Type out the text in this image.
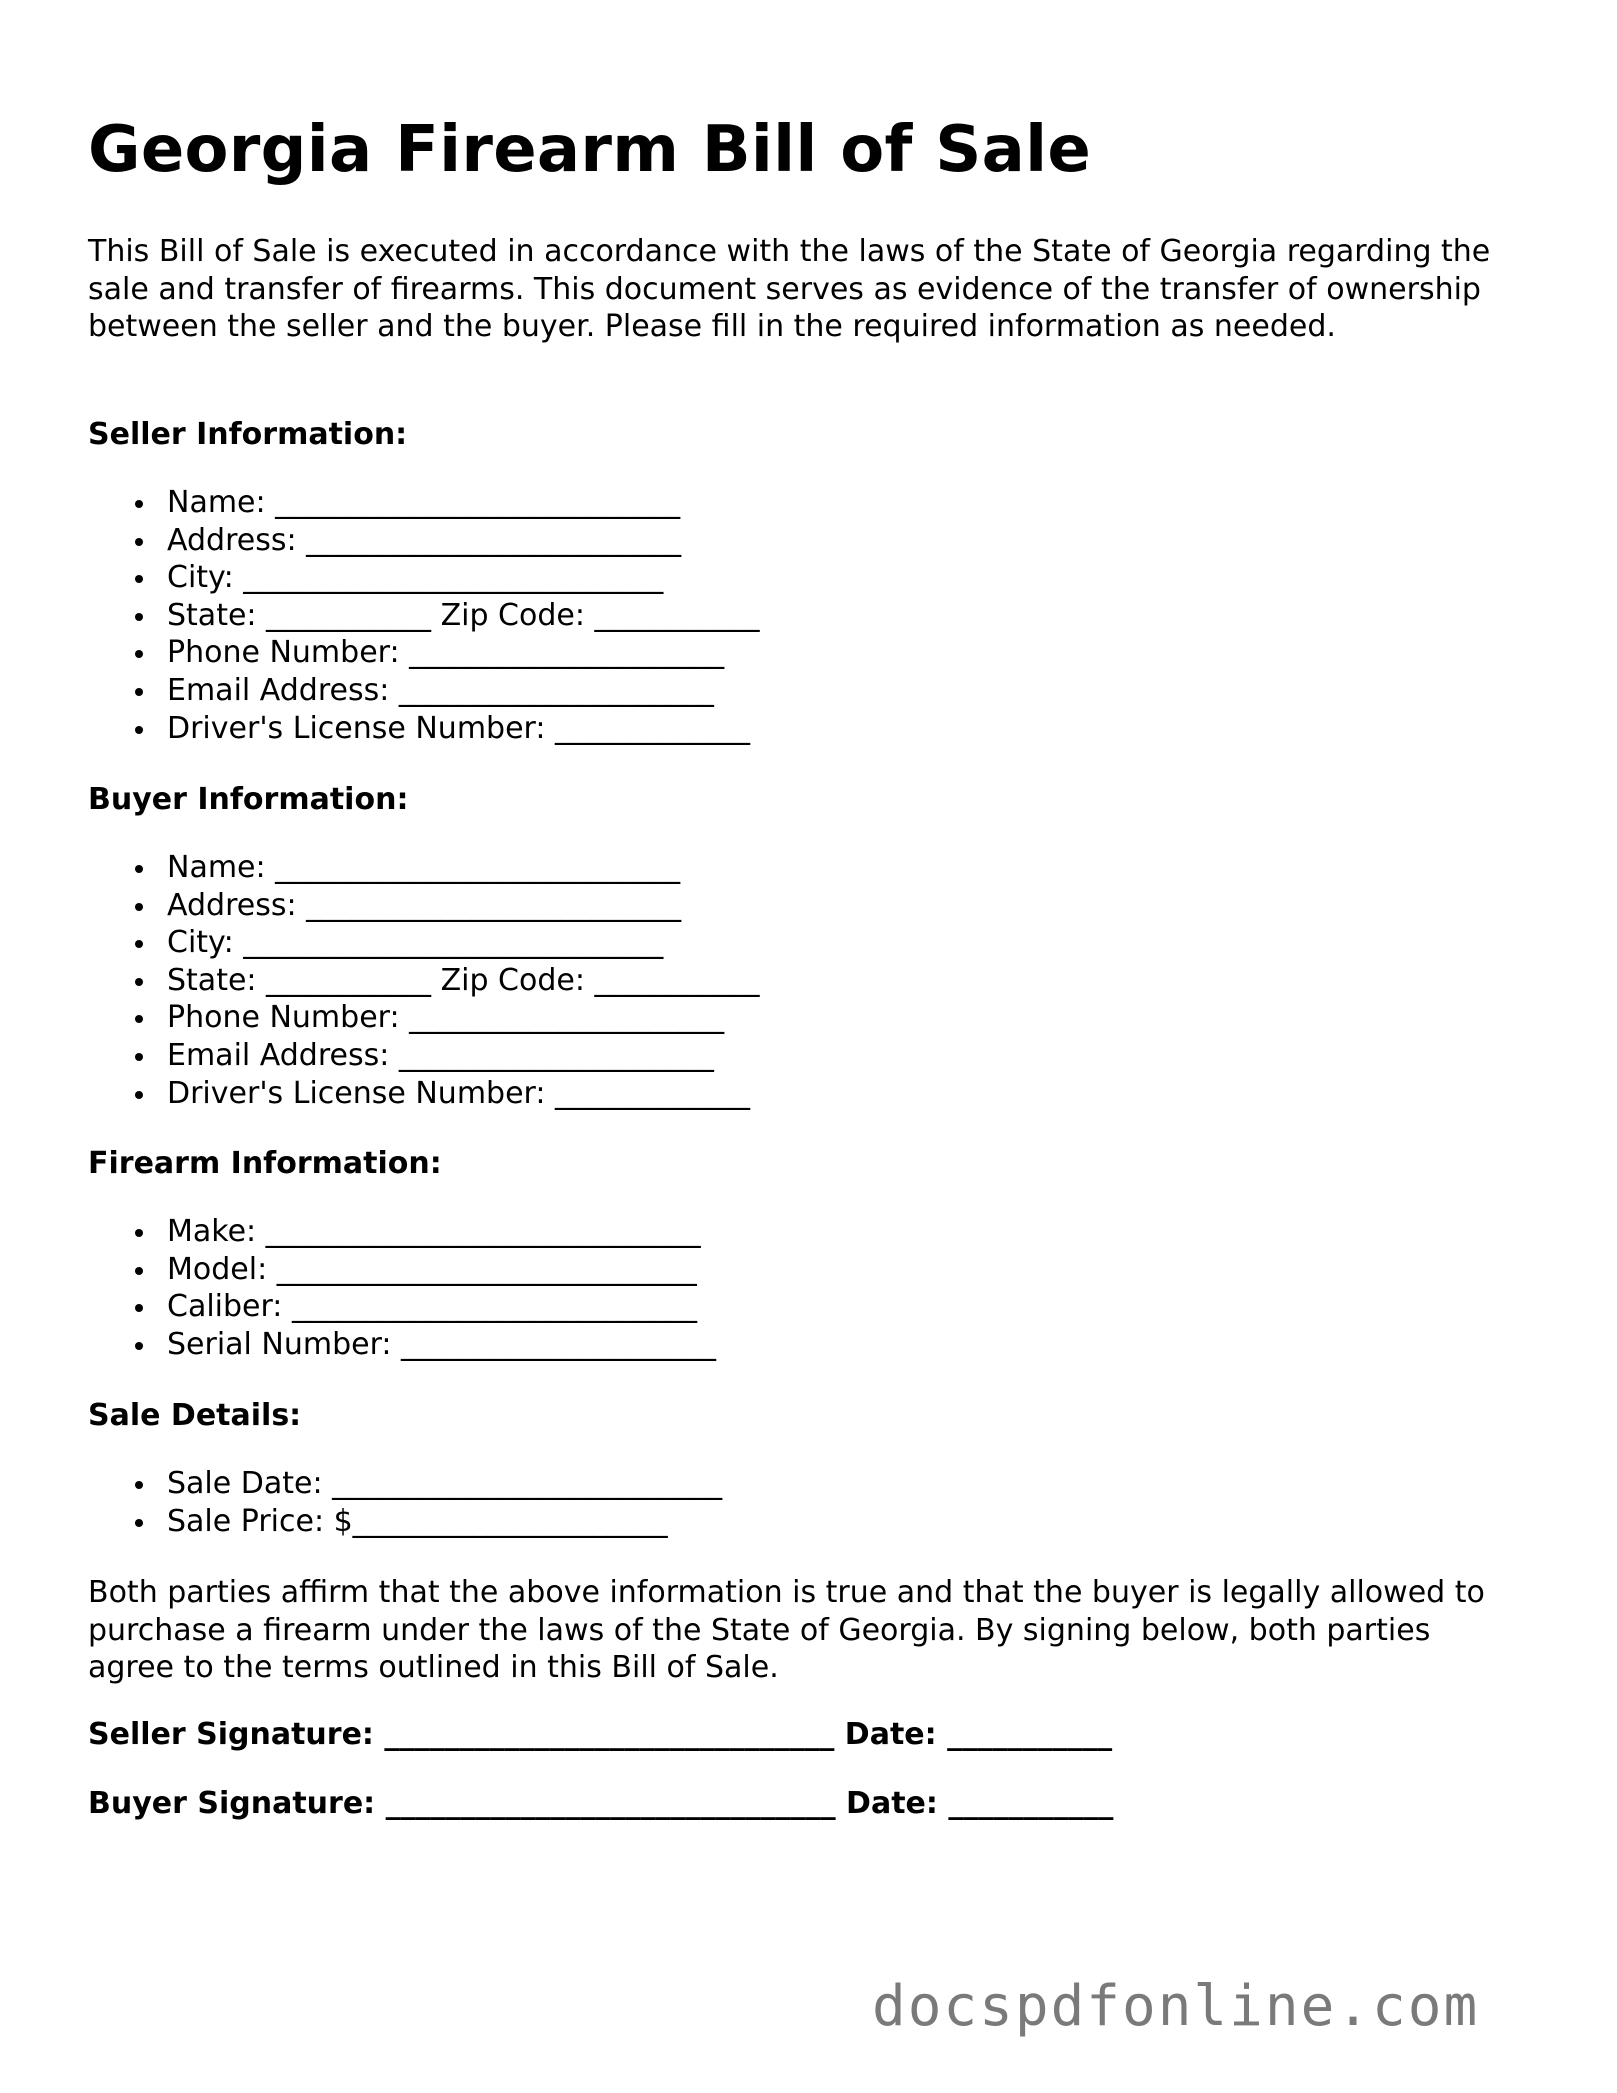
Georgia Firearm Bill of Sale

This Bill of Sale is executed in accordance with the laws of the State of Georgia regarding the sale and transfer of firearms. This document serves as evidence of the transfer of ownership between the seller and the buyer. Please fill in the required information as needed.

Seller Information:

Name: ___________________________
Address: _________________________
City: ____________________________
State: ___________ Zip Code: ___________
Phone Number: _____________________
Email Address: _____________________
Driver's License Number: _____________

Buyer Information:

Name: ___________________________
Address: _________________________
City: ____________________________
State: ___________ Zip Code: ___________
Phone Number: _____________________
Email Address: _____________________
Driver's License Number: _____________

Firearm Information:

Make: _____________________________
Model: ____________________________
Caliber: ___________________________
Serial Number: _____________________

Sale Details:

Sale Date: __________________________
Sale Price: $_____________________

Both parties affirm that the above information is true and that the buyer is legally allowed to purchase a firearm under the laws of the State of Georgia. By signing below, both parties agree to the terms outlined in this Bill of Sale.

Seller Signature: ______________________________ Date: ___________

Buyer Signature: ______________________________ Date: ___________

docspdfonline.com
